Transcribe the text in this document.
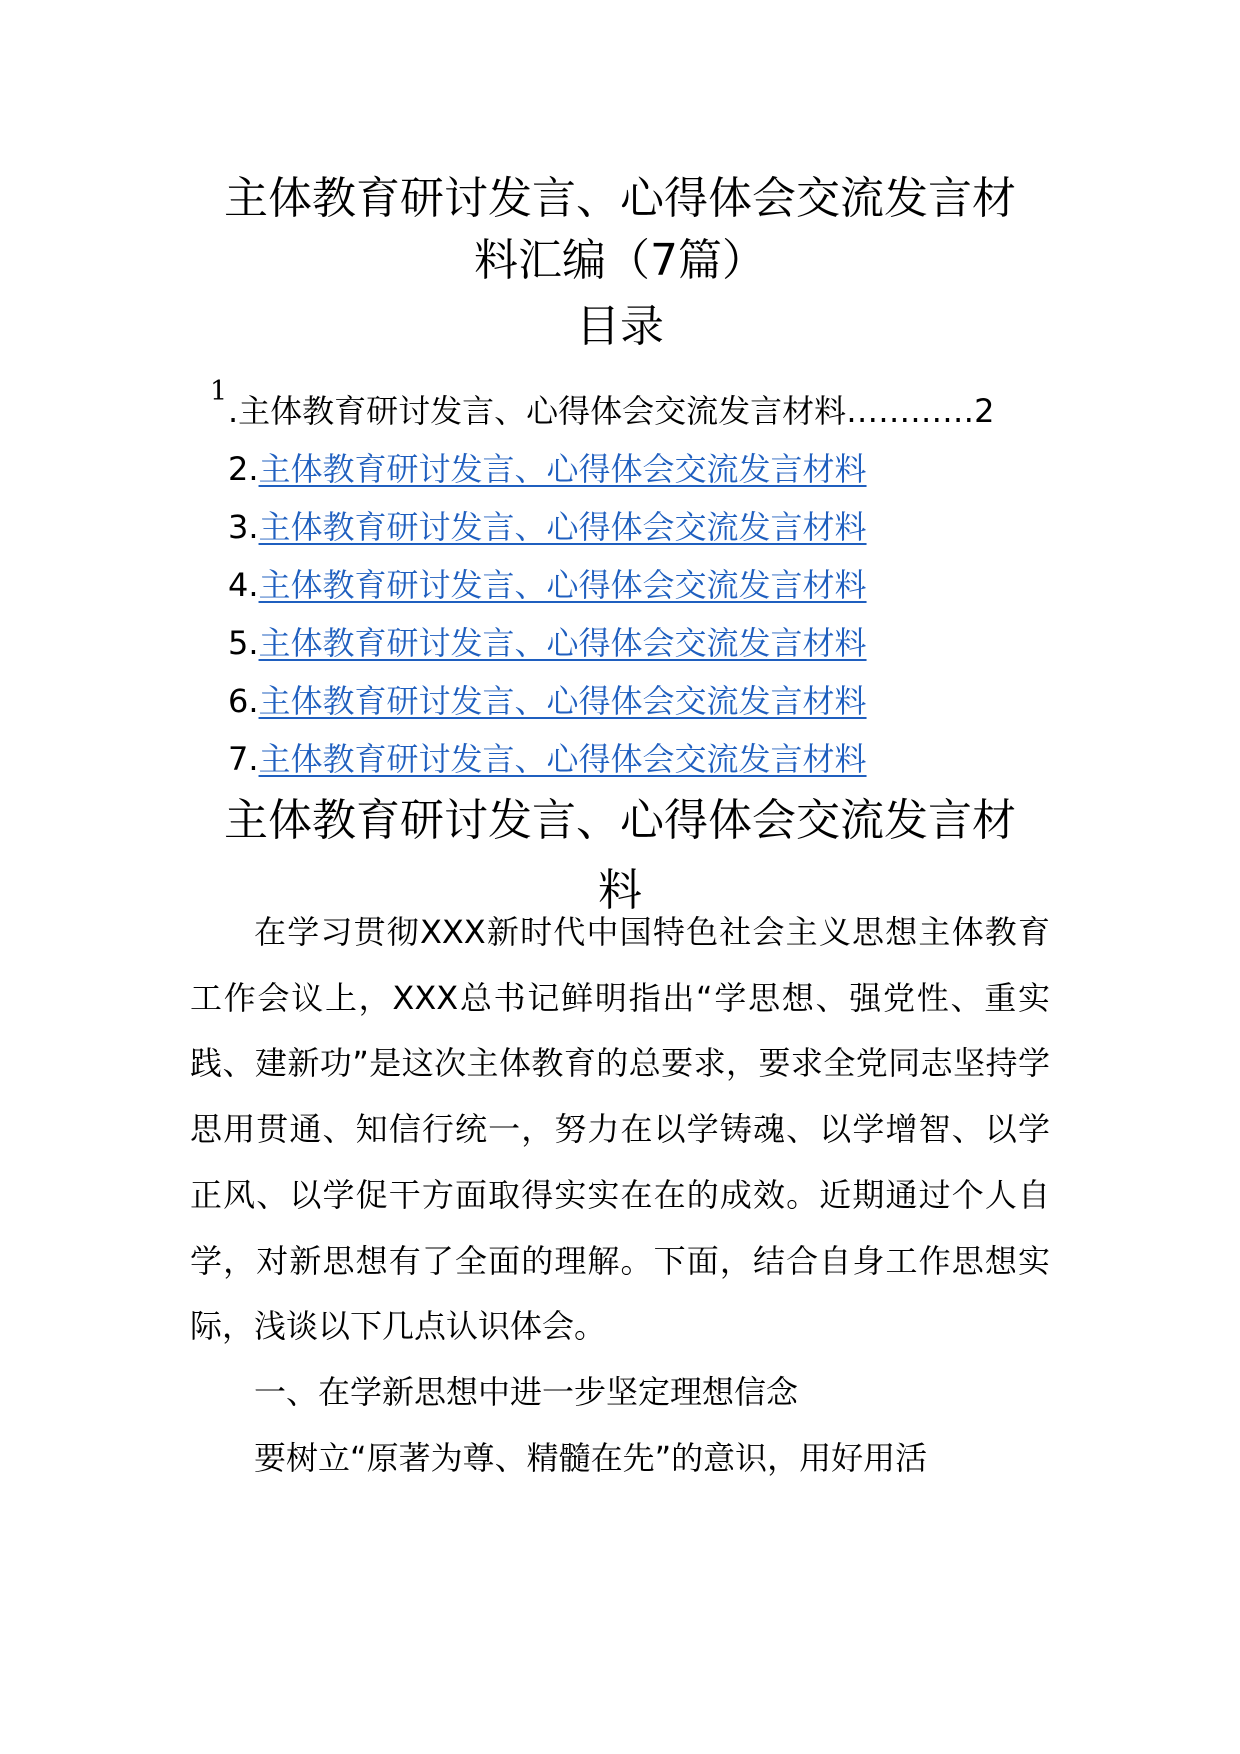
主体教育研讨发言、心得体会交流发言材
料汇编（7篇）
目录
1
.主体教育研讨发言、心得体会交流发言材料…………2
2.主体教育研讨发言、心得体会交流发言材料
3.主体教育研讨发言、心得体会交流发言材料
4.主体教育研讨发言、心得体会交流发言材料
5.主体教育研讨发言、心得体会交流发言材料
6.主体教育研讨发言、心得体会交流发言材料
7.主体教育研讨发言、心得体会交流发言材料
主体教育研讨发言、心得体会交流发言材
料

在学习贯彻XXX新时代中国特色社会主义思想主体教育工作会议上，XXX总书记鲜明指出“学思想、强党性、重实践、建新功”是这次主体教育的总要求，要求全党同志坚持学思用贯通、知信行统一，努力在以学铸魂、以学增智、以学正风、以学促干方面取得实实在在的成效。近期通过个人自学，对新思想有了全面的理解。下面，结合自身工作思想实际，浅谈以下几点认识体会。

一、在学新思想中进一步坚定理想信念

要树立“原著为尊、精髓在先”的意识，用好用活
